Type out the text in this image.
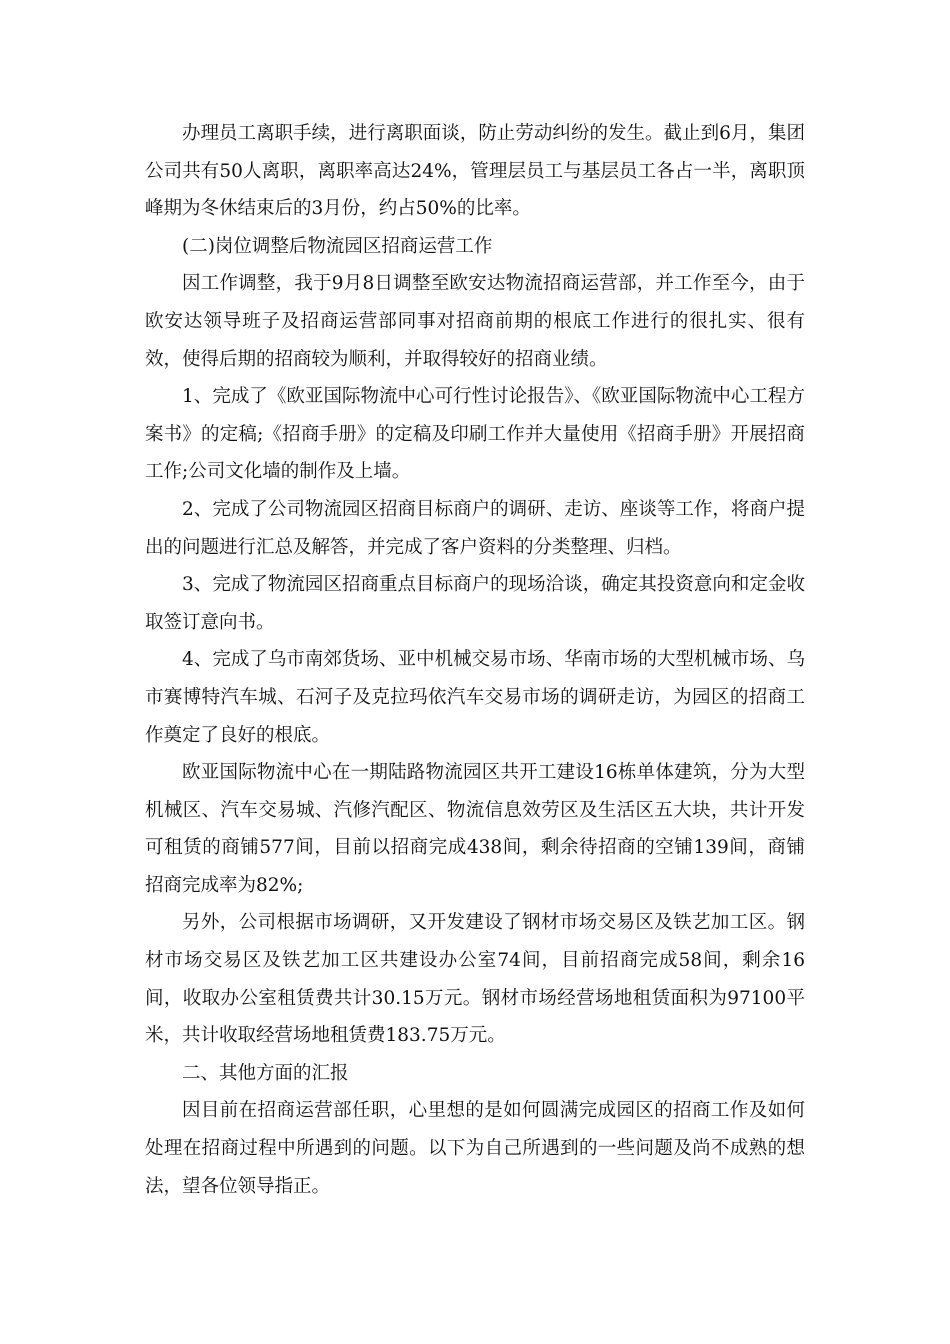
办理员工离职手续，进行离职面谈，防止劳动纠纷的发生。截止到6月，集团公司共有50人离职，离职率高达24%，管理层员工与基层员工各占一半，离职顶峰期为冬休结束后的3月份，约占50%的比率。

(二)岗位调整后物流园区招商运营工作

因工作调整，我于9月8日调整至欧安达物流招商运营部，并工作至今，由于欧安达领导班子及招商运营部同事对招商前期的根底工作进行的很扎实、很有效，使得后期的招商较为顺利，并取得较好的招商业绩。

1、完成了《欧亚国际物流中心可行性讨论报告》、《欧亚国际物流中心工程方案书》的定稿;《招商手册》的定稿及印刷工作并大量使用《招商手册》开展招商工作;公司文化墙的制作及上墙。

2、完成了公司物流园区招商目标商户的调研、走访、座谈等工作，将商户提出的问题进行汇总及解答，并完成了客户资料的分类整理、归档。

3、完成了物流园区招商重点目标商户的现场洽谈，确定其投资意向和定金收取签订意向书。

4、完成了乌市南郊货场、亚中机械交易市场、华南市场的大型机械市场、乌市赛博特汽车城、石河子及克拉玛依汽车交易市场的调研走访，为园区的招商工作奠定了良好的根底。

欧亚国际物流中心在一期陆路物流园区共开工建设16栋单体建筑，分为大型机械区、汽车交易城、汽修汽配区、物流信息效劳区及生活区五大块，共计开发可租赁的商铺577间，目前以招商完成438间，剩余待招商的空铺139间，商铺招商完成率为82%;

另外，公司根据市场调研，又开发建设了钢材市场交易区及铁艺加工区。钢材市场交易区及铁艺加工区共建设办公室74间，目前招商完成58间，剩余16间，收取办公室租赁费共计30.15万元。钢材市场经营场地租赁面积为97100平米，共计收取经营场地租赁费183.75万元。

二、其他方面的汇报

因目前在招商运营部任职，心里想的是如何圆满完成园区的招商工作及如何处理在招商过程中所遇到的问题。以下为自己所遇到的一些问题及尚不成熟的想法，望各位领导指正。
